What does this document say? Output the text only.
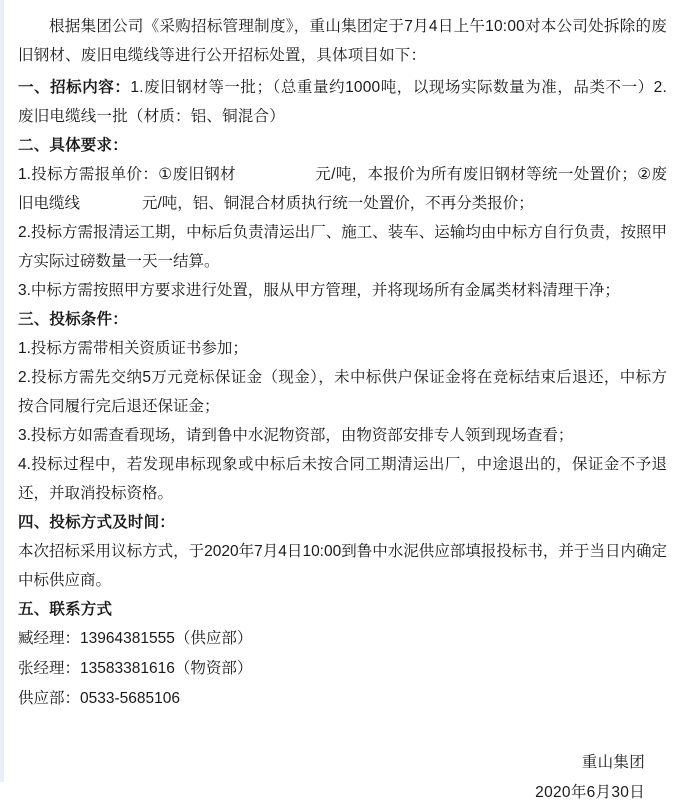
根据集团公司《采购招标管理制度》，重山集团定于7月4日上午10:00对本公司处拆除的废旧钢材、废旧电缆线等进行公开招标处置，具体项目如下：

一、招标内容：1.废旧钢材等一批；（总重量约1000吨，以现场实际数量为准，品类不一）2.废旧电缆线一批（材质：铝、铜混合）
二、具体要求：
1.投标方需报单价：①废旧钢材　　　　　元/吨，本报价为所有废旧钢材等统一处置价；②废旧电缆线　　　　元/吨，铝、铜混合材质执行统一处置价，不再分类报价；
2.投标方需报清运工期，中标后负责清运出厂、施工、装车、运输均由中标方自行负责，按照甲方实际过磅数量一天一结算。
3.中标方需按照甲方要求进行处置，服从甲方管理，并将现场所有金属类材料清理干净；
三、投标条件：
1.投标方需带相关资质证书参加；
2.投标方需先交纳5万元竞标保证金（现金），未中标供户保证金将在竞标结束后退还，中标方按合同履行完后退还保证金；
3.投标方如需查看现场，请到鲁中水泥物资部，由物资部安排专人领到现场查看；
4.投标过程中，若发现串标现象或中标后未按合同工期清运出厂，中途退出的，保证金不予退还，并取消投标资格。
四、投标方式及时间：
本次招标采用议标方式，于2020年7月4日10:00到鲁中水泥供应部填报投标书，并于当日内确定中标供应商。
五、联系方式
臧经理：13964381555（供应部）
张经理：13583381616（物资部）
供应部：0533-5685106
重山集团
2020年6月30日
